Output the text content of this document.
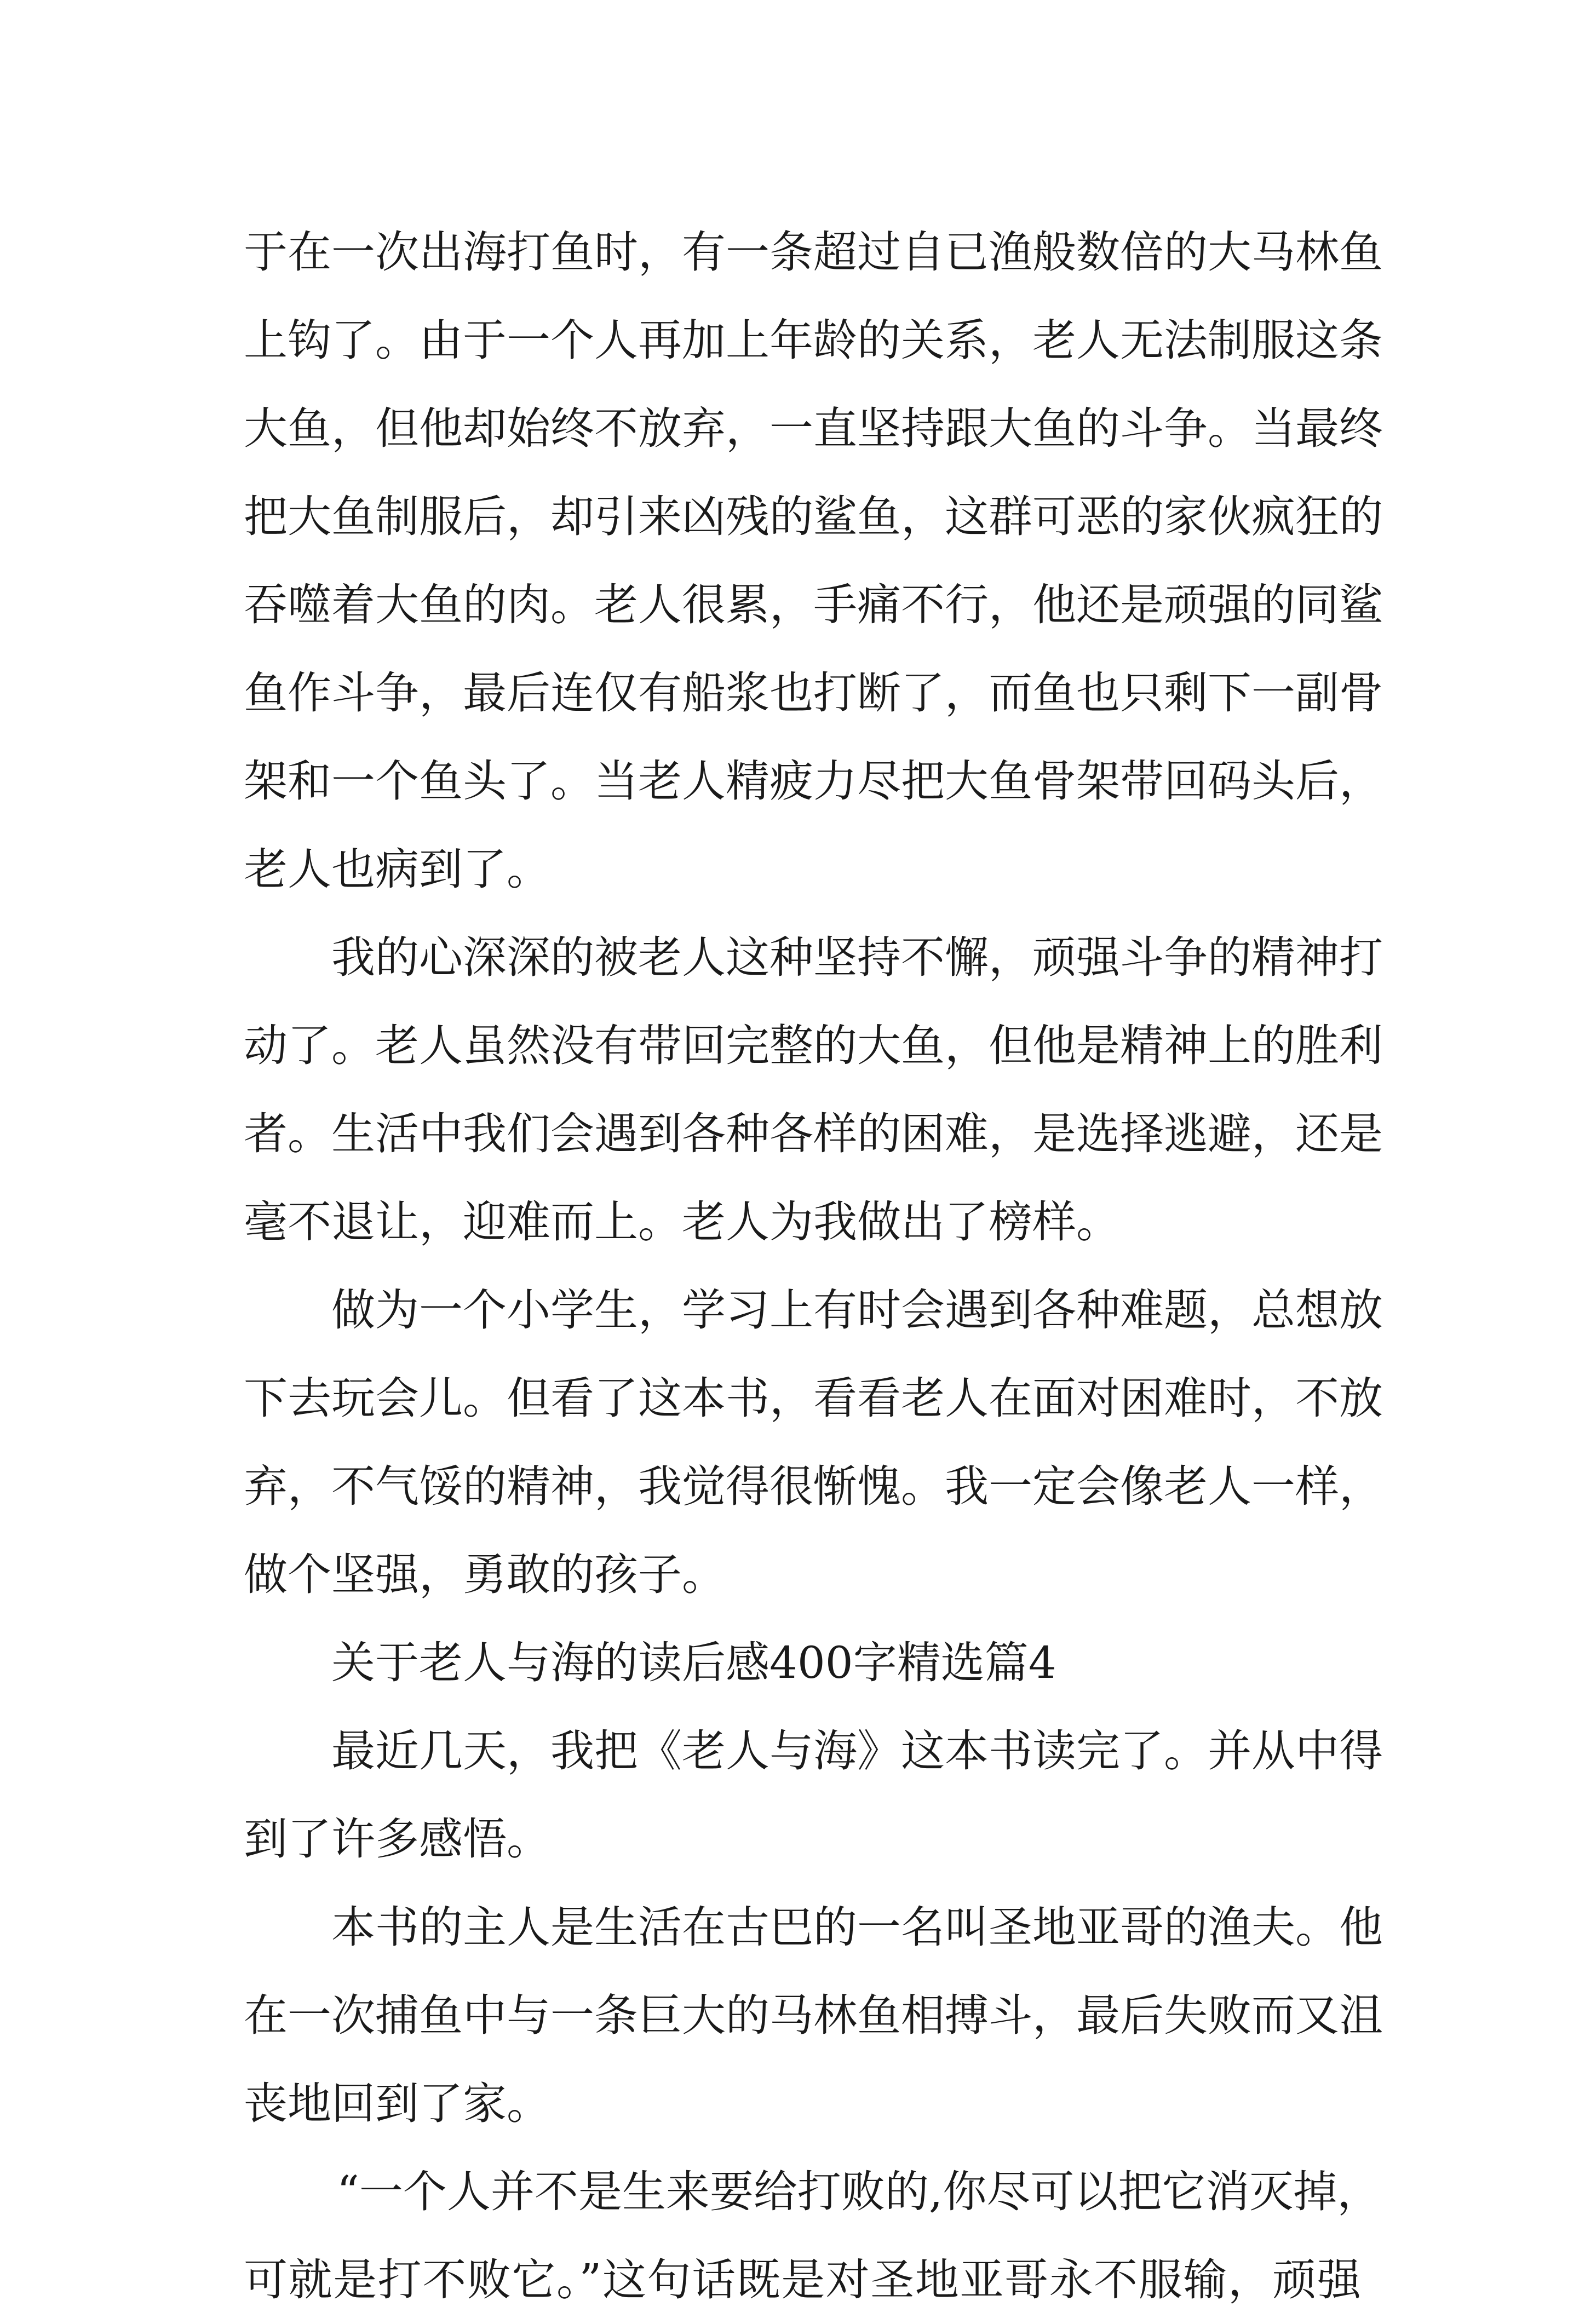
于在一次出海打鱼时，有一条超过自已渔般数倍的大马林鱼
上钩了。由于一个人再加上年龄的关系，老人无法制服这条
大鱼，但他却始终不放弃，一直坚持跟大鱼的斗争。当最终
把大鱼制服后，却引来凶残的鲨鱼，这群可恶的家伙疯狂的
吞噬着大鱼的肉。老人很累，手痛不行，他还是顽强的同鲨
鱼作斗争，最后连仅有船浆也打断了，而鱼也只剩下一副骨
架和一个鱼头了。当老人精疲力尽把大鱼骨架带回码头后，
老人也病到了。
我的心深深的被老人这种坚持不懈，顽强斗争的精神打
动了。老人虽然没有带回完整的大鱼，但他是精神上的胜利
者。生活中我们会遇到各种各样的困难，是选择逃避，还是
毫不退让，迎难而上。老人为我做出了榜样。
做为一个小学生，学习上有时会遇到各种难题，总想放
下去玩会儿。但看了这本书，看看老人在面对困难时，不放
弃，不气馁的精神，我觉得很惭愧。我一定会像老人一样，
做个坚强，勇敢的孩子。
关于老人与海的读后感400字精选篇4
最近几天，我把《老人与海》这本书读完了。并从中得
到了许多感悟。
本书的主人是生活在古巴的一名叫圣地亚哥的渔夫。他
在一次捕鱼中与一条巨大的马林鱼相搏斗，最后失败而又沮
丧地回到了家。
“一个人并不是生来要给打败的,你尽可以把它消灭掉，
可就是打不败它。”这句话既是对圣地亚哥永不服输，顽强
